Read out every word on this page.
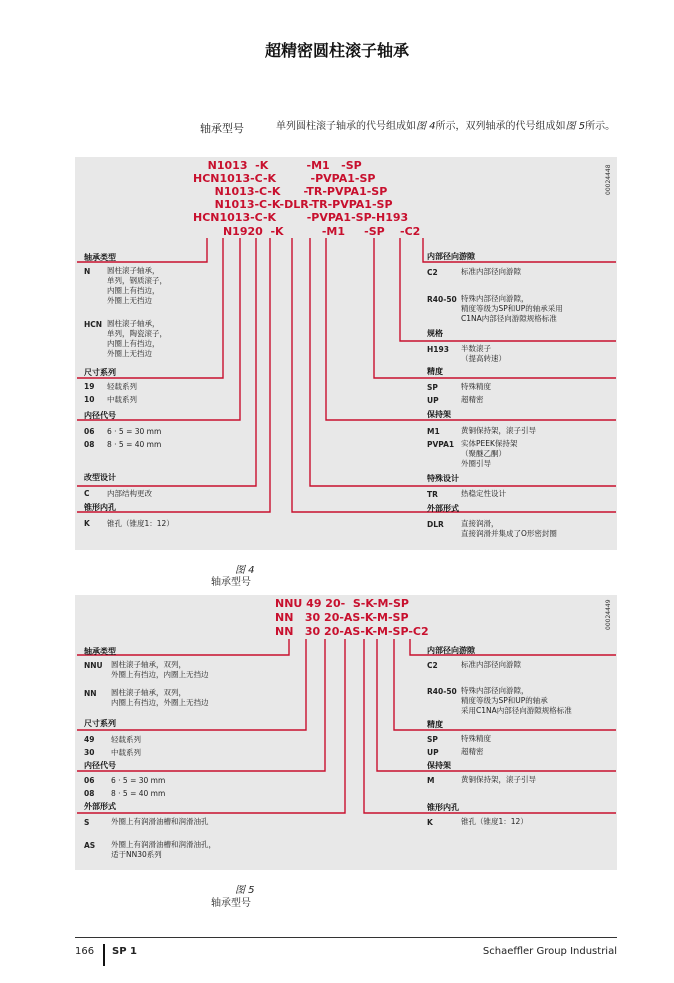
超精密圆柱滚子轴承
轴承型号	单列圆柱滚子轴承的代号组成如图 4所示，双列轴承的代号组成如图 5所示。
00024448
N1013  -K          -M1   -SP
HCN1013-C-K         -PVPA1-SP
N1013-C-K      -TR-PVPA1-SP
N1013-C-K-DLR-TR-PVPA1-SP
HCN1013-C-K        -PVPA1-SP-H193
N1920  -K          -M1     -SP    -C2
轴承类型
N 圆柱滚子轴承，
单列，钢质滚子，
内圈上有挡边，
外圈上无挡边
HCN 圆柱滚子轴承，
单列，陶瓷滚子，
内圈上有挡边，
外圈上无挡边
尺寸系列
19 轻载系列
10 中载系列
内径代号
06 6 · 5 = 30 mm
08 8 · 5 = 40 mm
改型设计
C 内部结构更改
锥形内孔
K 锥孔（锥度1：12）
内部径向游隙
C2	标准内部径向游隙
R40-50 特殊内部径向游隙，
精度等级为SP和UP的轴承采用
C1NA内部径向游隙规格标准
规格
H193 半数滚子
（提高转速）
精度
SP	特殊精度
UP	超精密
保持架
M1	黄铜保持架，滚子引导
PVPA1 实体PEEK保持架
（聚醚乙酮）
外圈引导
特殊设计
TR	热稳定性设计
外部形式
DLR 直接润滑，
直接润滑并集成了O形密封圈
图 4
轴承型号
00024449
NNU 49 20-  S-K-M-SP
NN   30 20-AS-K-M-SP
NN   30 20-AS-K-M-SP-C2
轴承类型
NNU 圆柱滚子轴承，双列，
外圈上有挡边，内圈上无挡边
NN 圆柱滚子轴承，双列，
内圈上有挡边，外圈上无挡边
尺寸系列
49 轻载系列
30 中载系列
内径代号
06 6 · 5 = 30 mm
08 8 · 5 = 40 mm
外部形式
S	外圈上有润滑油槽和润滑油孔
AS 外圈上有润滑油槽和润滑油孔，
适于NN30系列
内部径向游隙
C2	标准内部径向游隙
R40-50 特殊内部径向游隙，
精度等级为SP和UP的轴承
采用C1NA内部径向游隙规格标准
精度
SP	特殊精度
UP	超精密
保持架
M	黄铜保持架，滚子引导
锥形内孔
K	锥孔（锥度1：12）
图 5
轴承型号
166 SP 1	Schaeffler Group Industrial
